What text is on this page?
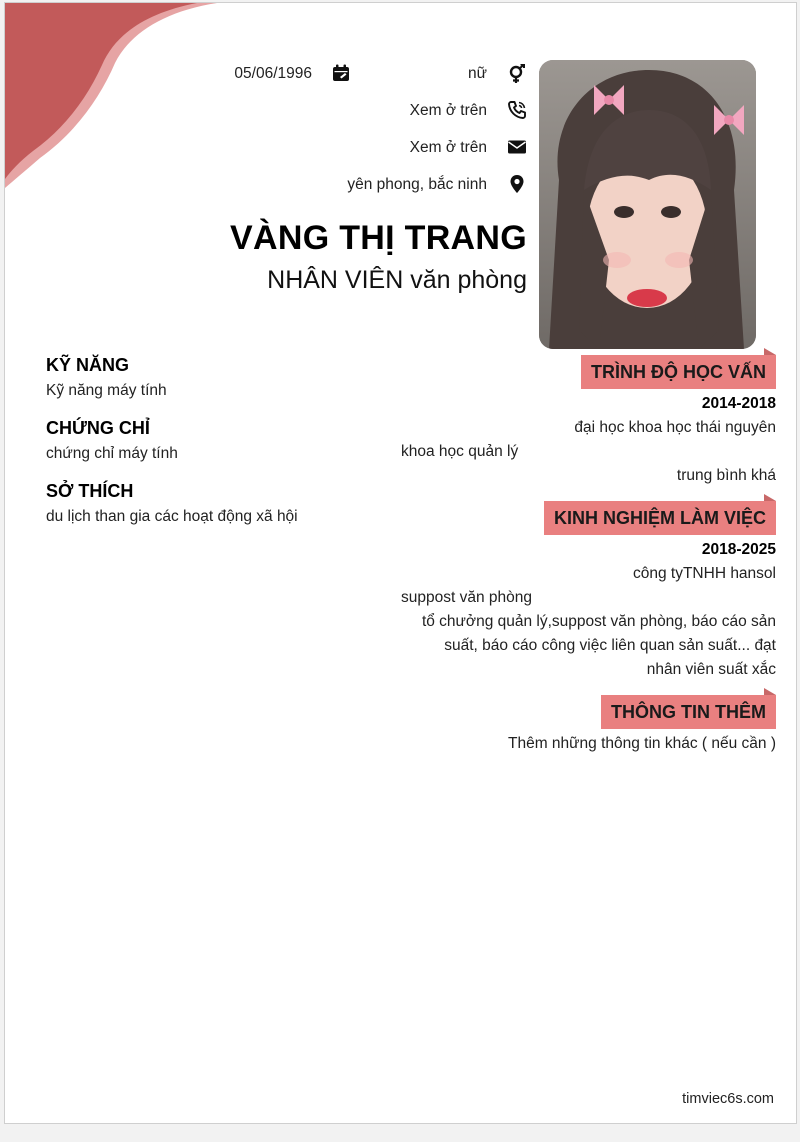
05/06/1996	nữ
Xem ở trên
Xem ở trên
yên phong, bắc ninh
VÀNG THỊ TRANG
NHÂN VIÊN văn phòng
KỸ NĂNG
Kỹ năng máy tính
CHỨNG CHỈ
chứng chỉ máy tính
SỞ THÍCH
du lịch than gia các hoạt động xã hội
TRÌNH ĐỘ HỌC VẤN
2014-2018
đại học khoa học thái nguyên
khoa học quản lý
trung bình khá
KINH NGHIỆM LÀM VIỆC
2018-2025
công tyTNHH hansol
suppost văn phòng
tổ chưởng quản lý,suppost văn phòng, báo cáo sản
suất, báo cáo công việc liên quan sản suất... đạt
nhân viên suất xắc
THÔNG TIN THÊM
Thêm những thông tin khác ( nếu cần )
timviec6s.com
